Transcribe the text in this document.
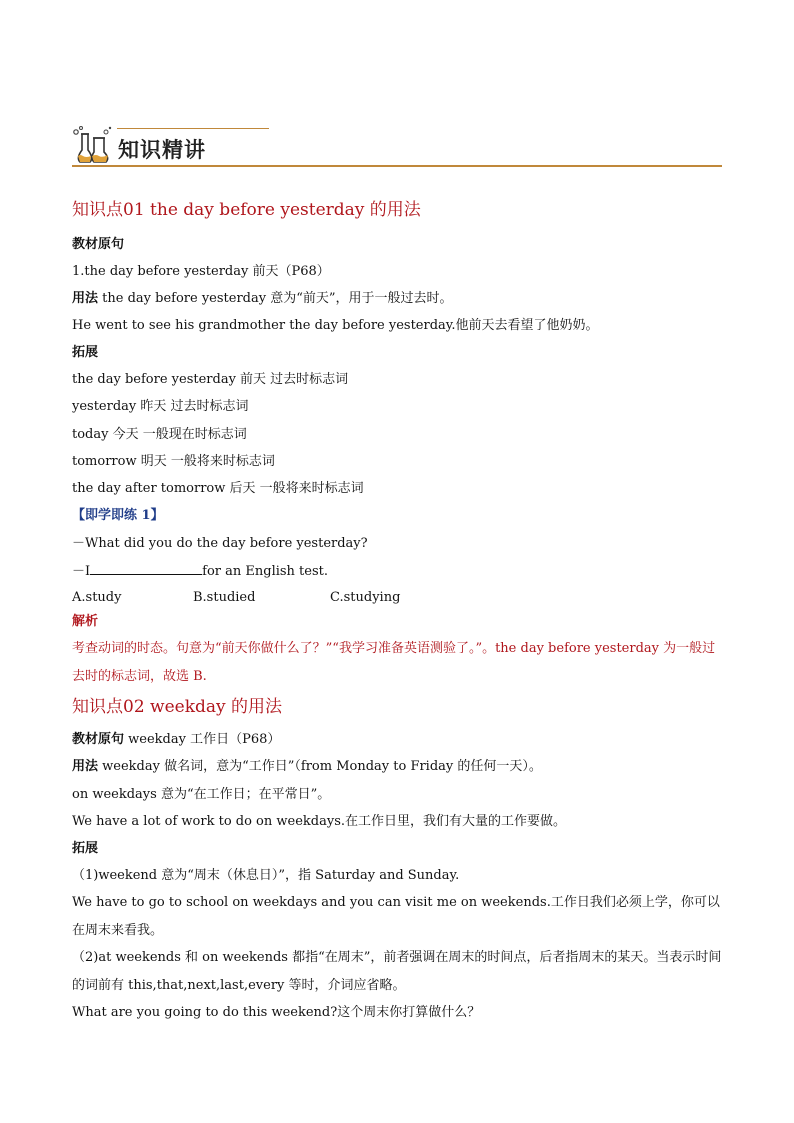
知识精讲
知识点01 the day before yesterday 的用法
教材原句
1.the day before yesterday 前天（P68）
用法 the day before yesterday 意为“前天”，用于一般过去时。
He went to see his grandmother the day before yesterday.他前天去看望了他奶奶。
拓展
the day before yesterday 前天 过去时标志词
yesterday 昨天 过去时标志词
today 今天 一般现在时标志词
tomorrow 明天 一般将来时标志词
the day after tomorrow 后天 一般将来时标志词
【即学即练 1】
－What did you do the day before yesterday?
－I	for an English test.
A.study	B.studied	C.studying
解析
考查动词的时态。句意为“前天你做什么了？”“我学习准备英语测验了。”。the day before yesterday 为一般过去时的标志词，故选 B.
知识点02 weekday 的用法
教材原句 weekday 工作日（P68）
用法 weekday 做名词，意为“工作日”（from Monday to Friday 的任何一天）。
on weekdays 意为“在工作日；在平常日”。
We have a lot of work to do on weekdays.在工作日里，我们有大量的工作要做。
拓展
（1)weekend 意为“周末（休息日）”，指 Saturday and Sunday.
We have to go to school on weekdays and you can visit me on weekends.工作日我们必须上学，你可以在周末来看我。
（2)at weekends 和 on weekends 都指“在周末”，前者强调在周末的时间点，后者指周末的某天。当表示时间的词前有 this,that,next,last,every 等时，介词应省略。
What are you going to do this weekend?这个周末你打算做什么？
